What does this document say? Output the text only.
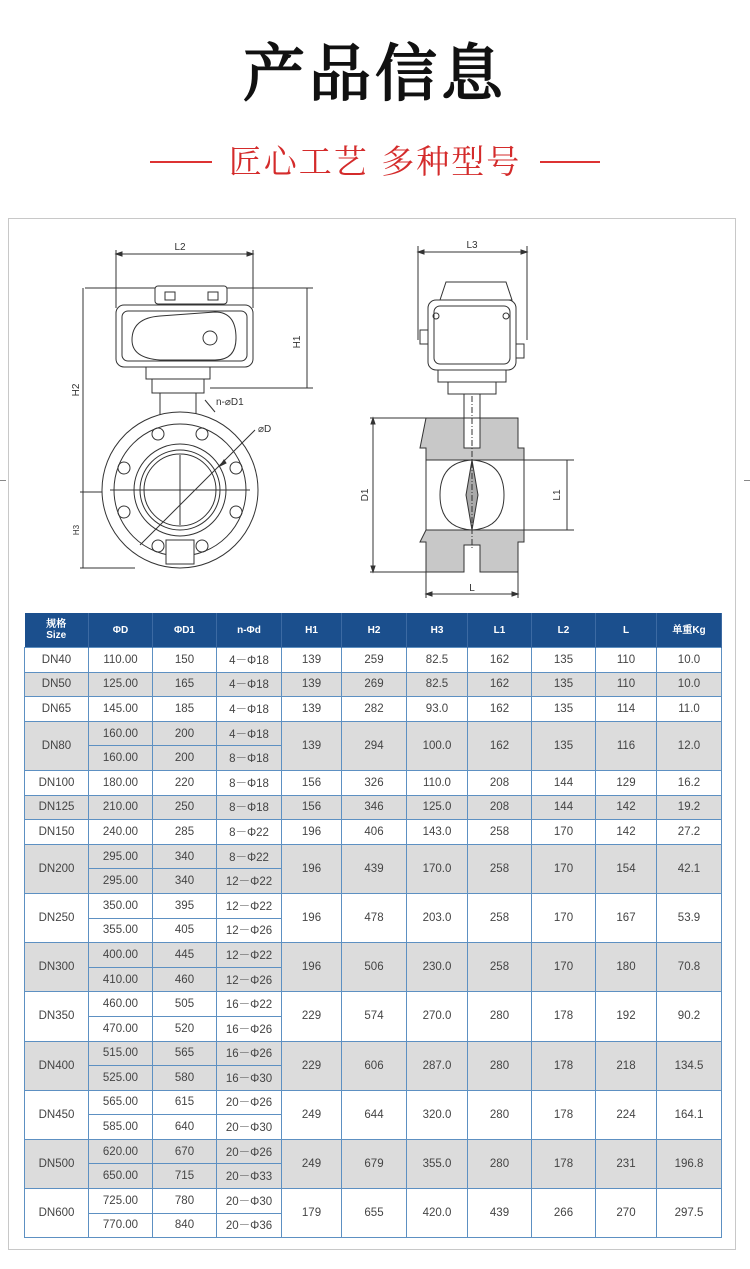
产品信息
匠心工艺 多种型号
L2
H1
H2
H3
n-⌀D1
⌀D
L3
D1	L1
L
规格
Size	ΦD	ΦD1	n-Φd	H1	H2	H3	L1	L2	L	单重Kg
DN40	110.00	150	4－Φ18	139	259	82.5	162	135	110	10.0
DN50	125.00	165	4－Φ18	139	269	82.5	162	135	110	10.0
DN65	145.00	185	4－Φ18	139	282	93.0	162	135	114	11.0
DN80	160.00	200	4－Φ18	139	294	100.0	162	135	116	12.0
	160.00	200	8－Φ18							
DN100	180.00	220	8－Φ18	156	326	110.0	208	144	129	16.2
DN125	210.00	250	8－Φ18	156	346	125.0	208	144	142	19.2
DN150	240.00	285	8－Φ22	196	406	143.0	258	170	142	27.2
DN200	295.00	340	8－Φ22	196	439	170.0	258	170	154	42.1
	295.00	340	12－Φ22							
DN250	350.00	395	12－Φ22	196	478	203.0	258	170	167	53.9
	355.00	405	12－Φ26							
DN300	400.00	445	12－Φ22	196	506	230.0	258	170	180	70.8
	410.00	460	12－Φ26							
DN350	460.00	505	16－Φ22	229	574	270.0	280	178	192	90.2
	470.00	520	16－Φ26							
DN400	515.00	565	16－Φ26	229	606	287.0	280	178	218	134.5
	525.00	580	16－Φ30							
DN450	565.00	615	20－Φ26	249	644	320.0	280	178	224	164.1
	585.00	640	20－Φ30							
DN500	620.00	670	20－Φ26	249	679	355.0	280	178	231	196.8
	650.00	715	20－Φ33							
DN600	725.00	780	20－Φ30	179	655	420.0	439	266	270	297.5
	770.00	840	20－Φ36							
